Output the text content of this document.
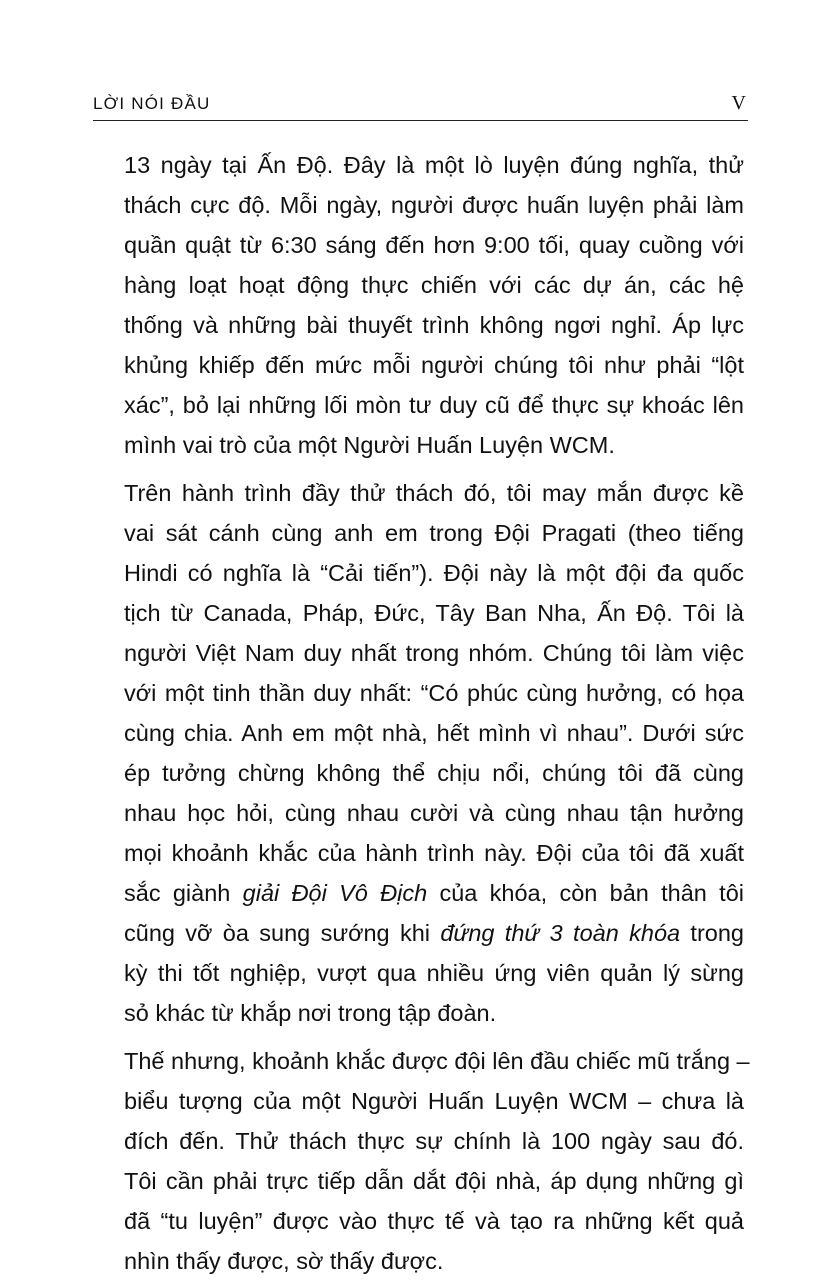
LỜI NÓI ĐẦU	V
13 ngày tại Ấn Độ. Đây là một lò luyện đúng nghĩa, thử
thách cực độ. Mỗi ngày, người được huấn luyện phải làm
quần quật từ 6:30 sáng đến hơn 9:00 tối, quay cuồng với
hàng loạt hoạt động thực chiến với các dự án, các hệ
thống và những bài thuyết trình không ngơi nghỉ. Áp lực
khủng khiếp đến mức mỗi người chúng tôi như phải “lột
xác”, bỏ lại những lối mòn tư duy cũ để thực sự khoác lên
mình vai trò của một Người Huấn Luyện WCM.
Trên hành trình đầy thử thách đó, tôi may mắn được kề
vai sát cánh cùng anh em trong Đội Pragati (theo tiếng
Hindi có nghĩa là “Cải tiến”). Đội này là một đội đa quốc
tịch từ Canada, Pháp, Đức, Tây Ban Nha, Ấn Độ. Tôi là
người Việt Nam duy nhất trong nhóm. Chúng tôi làm việc
với một tinh thần duy nhất: “Có phúc cùng hưởng, có họa
cùng chia. Anh em một nhà, hết mình vì nhau”. Dưới sức
ép tưởng chừng không thể chịu nổi, chúng tôi đã cùng
nhau học hỏi, cùng nhau cười và cùng nhau tận hưởng
mọi khoảnh khắc của hành trình này. Đội của tôi đã xuất
sắc giành giải Đội Vô Địch của khóa, còn bản thân tôi
cũng vỡ òa sung sướng khi đứng thứ 3 toàn khóa trong
kỳ thi tốt nghiệp, vượt qua nhiều ứng viên quản lý sừng
sỏ khác từ khắp nơi trong tập đoàn.
Thế nhưng, khoảnh khắc được đội lên đầu chiếc mũ trắng –
biểu tượng của một Người Huấn Luyện WCM – chưa là
đích đến. Thử thách thực sự chính là 100 ngày sau đó.
Tôi cần phải trực tiếp dẫn dắt đội nhà, áp dụng những gì
đã “tu luyện” được vào thực tế và tạo ra những kết quả
nhìn thấy được, sờ thấy được.
